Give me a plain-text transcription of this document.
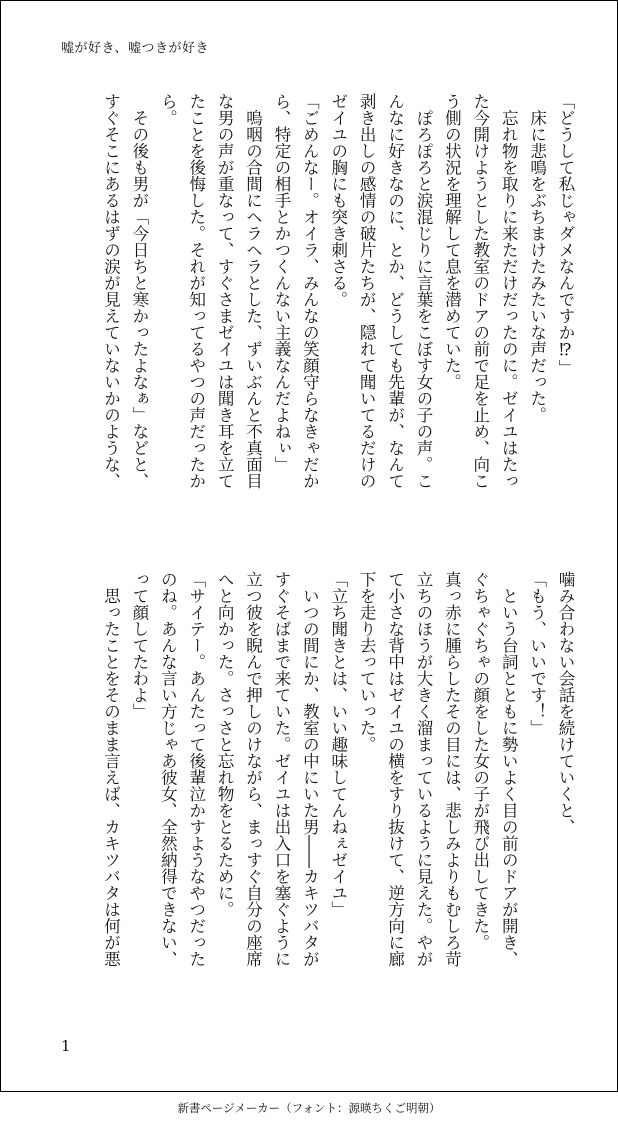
嘘が好き、嘘つきが好き
「どうして私じゃダメなんですか⁉」
　床に悲鳴をぶちまけたみたいな声だった。
　忘れ物を取りに来ただけだったのに。ゼイユはたっ
た今開けようとした教室のドアの前で足を止め、向こ
う側の状況を理解して息を潜めていた。
　ぽろぽろと涙混じりに言葉をこぼす女の子の声。こ
んなに好きなのに、とか、どうしても先輩が、なんて
剥き出しの感情の破片たちが、隠れて聞いてるだけの
ゼイユの胸にも突き刺さる。
「ごめんなー。オイラ、みんなの笑顔守らなきゃだか
ら、特定の相手とかつくんない主義なんだよねぃ」
　嗚咽の合間にヘラヘラとした、ずいぶんと不真面目
な男の声が重なって、すぐさまゼイユは聞き耳を立て
たことを後悔した。それが知ってるやつの声だったか
ら。
　その後も男が「今日ちと寒かったよなぁ」などと、
すぐそこにあるはずの涙が見えていないかのような、
噛み合わない会話を続けていくと、
「もう、いいです！」
　という台詞とともに勢いよく目の前のドアが開き、
ぐちゃぐちゃの顔をした女の子が飛び出してきた。
真っ赤に腫らしたその目には、悲しみよりもむしろ苛
立ちのほうが大きく溜まっているように見えた。やが
て小さな背中はゼイユの横をすり抜けて、逆方向に廊
下を走り去っていった。
「立ち聞きとは、いい趣味してんねぇゼイユ」
　いつの間にか、教室の中にいた男――カキツバタが
すぐそばまで来ていた。ゼイユは出入口を塞ぐように
立つ彼を睨んで押しのけながら、まっすぐ自分の座席
へと向かった。さっさと忘れ物をとるために。
「サイテー。あんたって後輩泣かすようなやつだった
のね。あんな言い方じゃあ彼女、全然納得できない、
って顔してたわよ」
　思ったことをそのまま言えば、カキツバタは何が悪
1
新書ページメーカー（フォント：源暎ちくご明朝）
